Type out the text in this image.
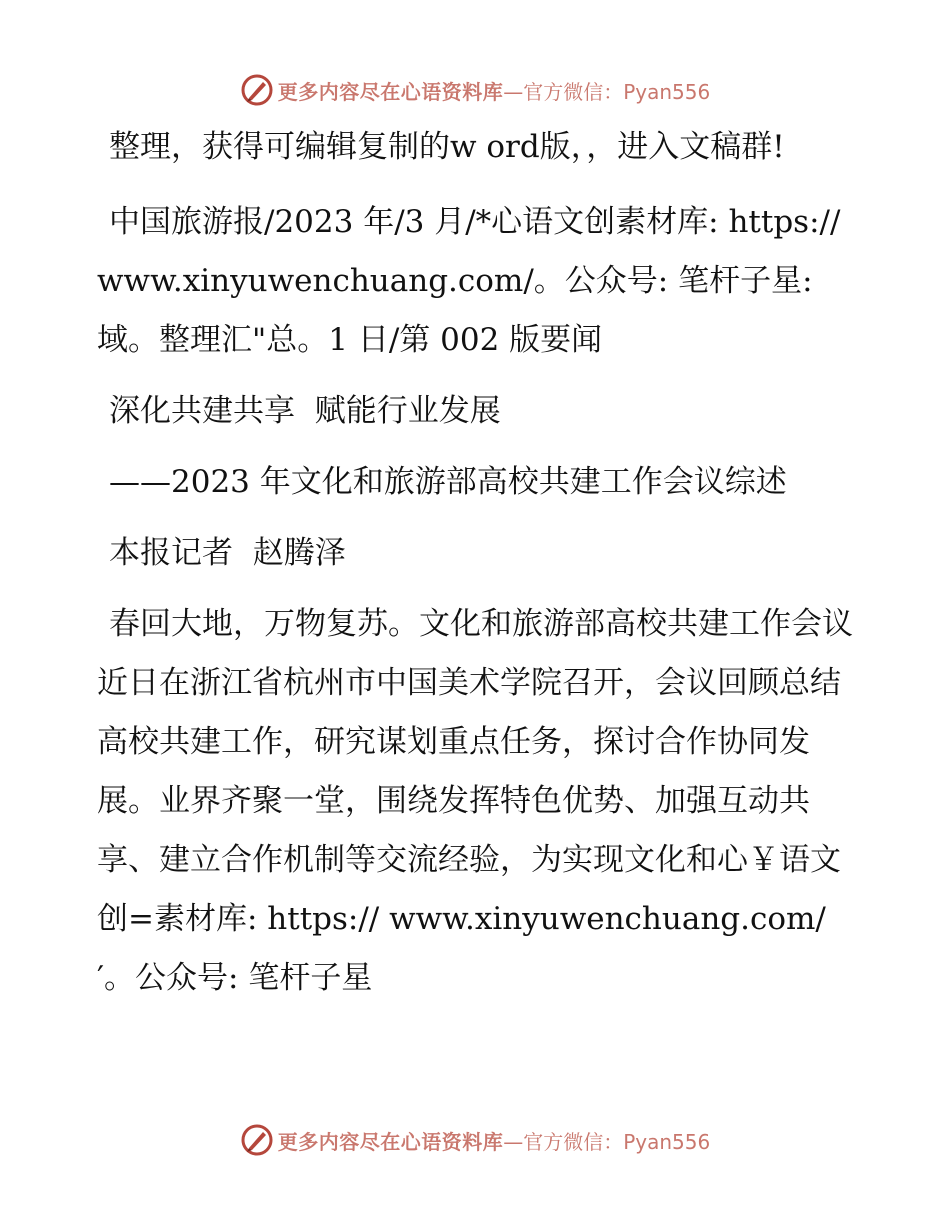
更多内容尽在心语资料库 —官方微信：Pyan556

整理，获得可编辑复制的w ord版，，进入文稿群!

中国旅游报/2023 年/3 月/*心语文创素材库: https://www.xinyuwenchuang.com/。公众号: 笔杆子星:域。整理汇"总。1 日/第 002 版要闻

深化共建共享  赋能行业发展

——2023 年文化和旅游部高校共建工作会议综述

本报记者  赵腾泽

春回大地，万物复苏。文化和旅游部高校共建工作会议近日在浙江省杭州市中国美术学院召开，会议回顾总结高校共建工作，研究谋划重点任务，探讨合作协同发展。业界齐聚一堂，围绕发挥特色优势、加强互动共享、建立合作机制等交流经验，为实现文化和心￥语文创=素材库: https:// www.xinyuwenchuang.com/′。公众号: 笔杆子星

更多内容尽在心语资料库 —官方微信：Pyan556
